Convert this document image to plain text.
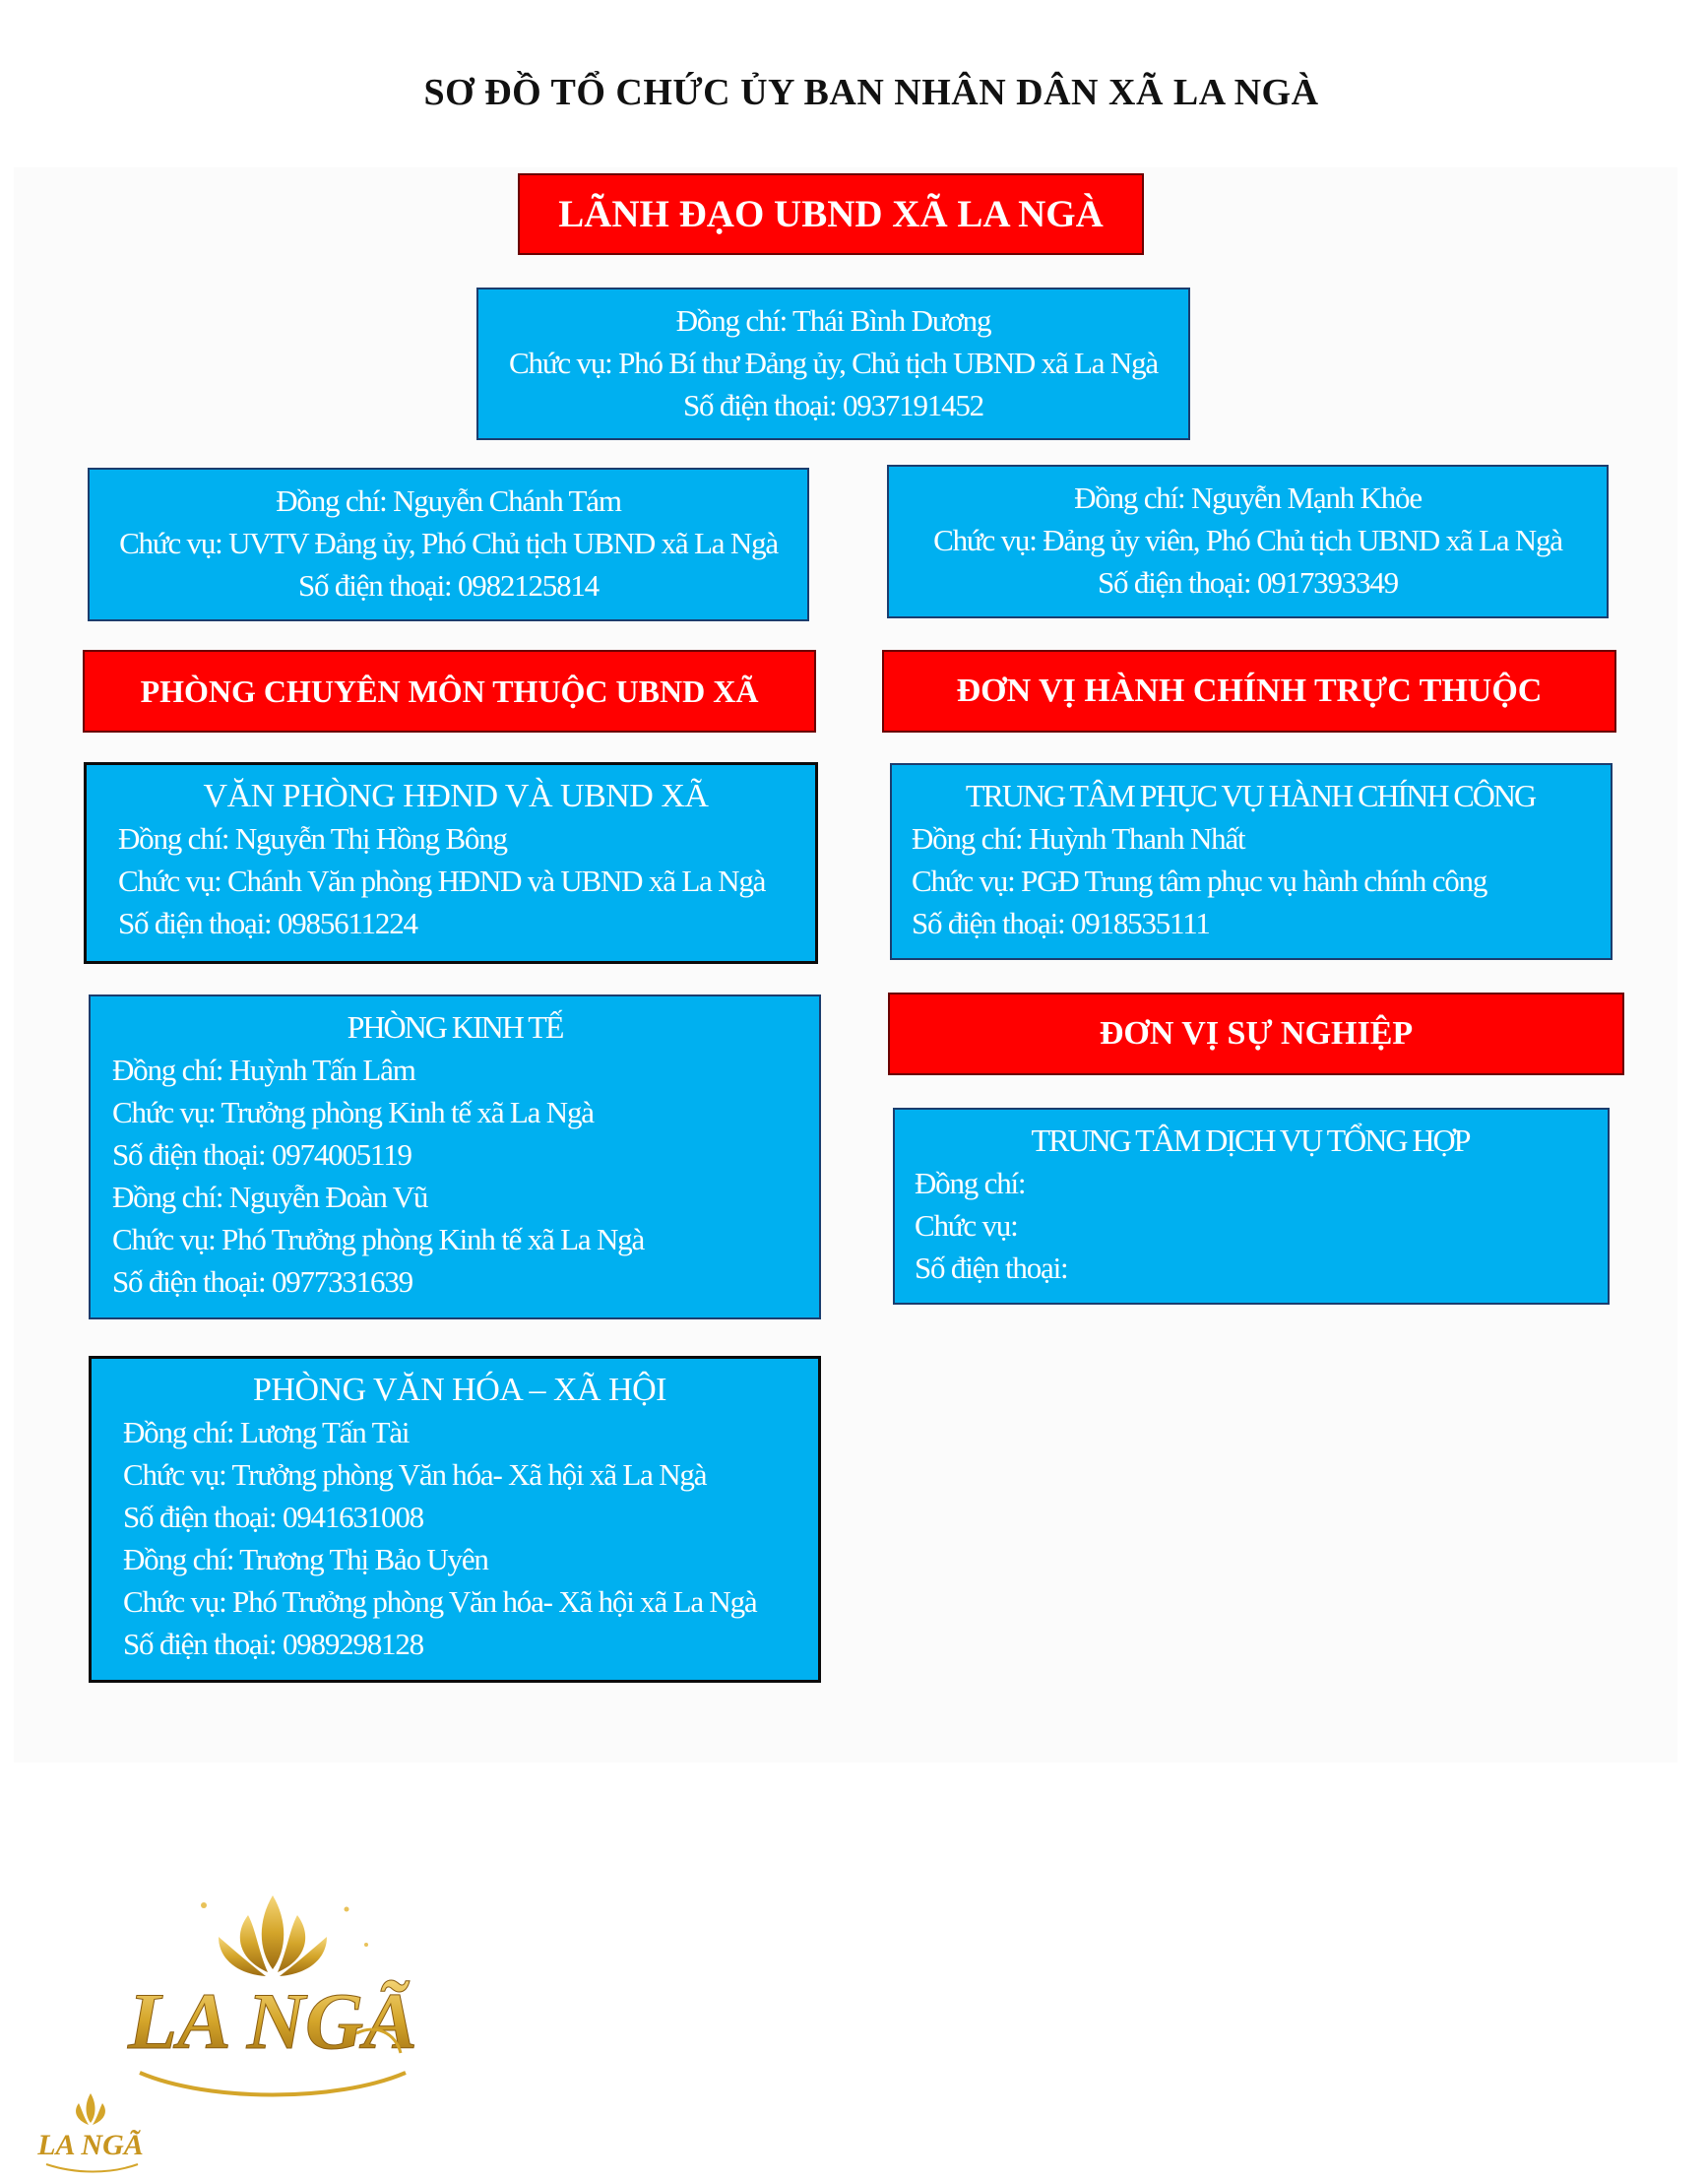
SƠ ĐỒ TỔ CHỨC ỦY BAN NHÂN DÂN XÃ LA NGÀ
LÃNH ĐẠO UBND XÃ LA NGÀ
Đồng chí: Thái Bình Dương
Chức vụ: Phó Bí thư Đảng ủy, Chủ tịch UBND xã La Ngà
Số điện thoại: 0937191452
Đồng chí: Nguyễn Chánh Tám
Chức vụ: UVTV Đảng ủy, Phó Chủ tịch UBND xã La Ngà
Số điện thoại: 0982125814
Đồng chí: Nguyễn Mạnh Khỏe
Chức vụ: Đảng ủy viên, Phó Chủ tịch UBND xã La Ngà
Số điện thoại: 0917393349
PHÒNG CHUYÊN MÔN THUỘC UBND XÃ	ĐƠN VỊ HÀNH CHÍNH TRỰC THUỘC
VĂN PHÒNG HĐND VÀ UBND XÃ
Đồng chí: Nguyễn Thị Hồng Bông
Chức vụ: Chánh Văn phòng HĐND và UBND xã La Ngà
Số điện thoại: 0985611224
TRUNG TÂM PHỤC VỤ HÀNH CHÍNH CÔNG
Đồng chí: Huỳnh Thanh Nhất
Chức vụ: PGĐ Trung tâm phục vụ hành chính công
Số điện thoại: 0918535111
ĐƠN VỊ SỰ NGHIỆP
PHÒNG KINH TẾ
Đồng chí: Huỳnh Tấn Lâm
Chức vụ: Trưởng phòng Kinh tế xã La Ngà
Số điện thoại: 0974005119
Đồng chí: Nguyễn Đoàn Vũ
Chức vụ: Phó Trưởng phòng Kinh tế xã La Ngà
Số điện thoại: 0977331639
TRUNG TÂM DỊCH VỤ TỔNG HỢP
Đồng chí:
Chức vụ:
Số điện thoại:
PHÒNG VĂN HÓA – XÃ HỘI
Đồng chí: Lương Tấn Tài
Chức vụ: Trưởng phòng Văn hóa- Xã hội xã La Ngà
Số điện thoại: 0941631008
Đồng chí: Trương Thị Bảo Uyên
Chức vụ: Phó Trưởng phòng Văn hóa- Xã hội xã La Ngà
Số điện thoại: 0989298128
LA NGÃ
LA NGÃ
